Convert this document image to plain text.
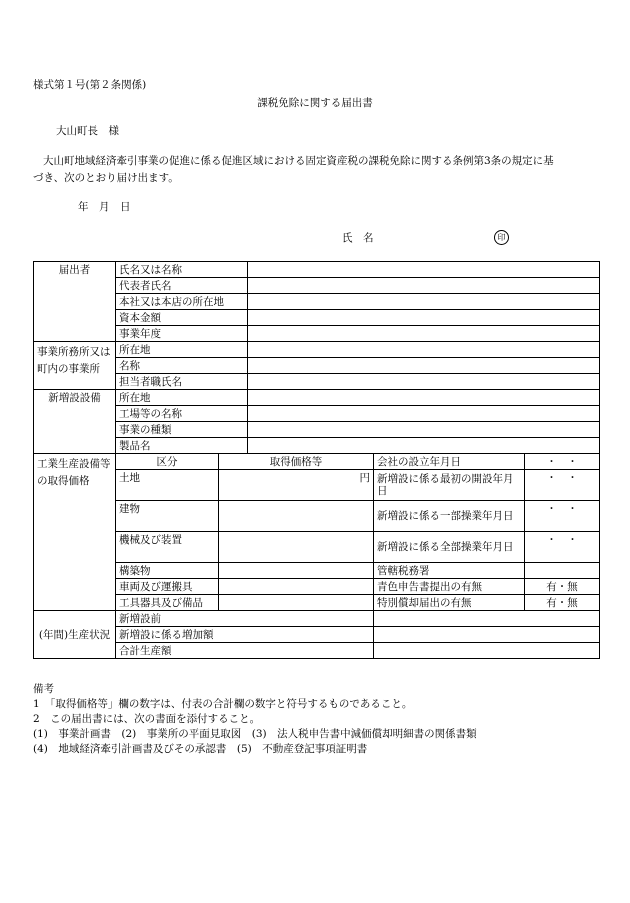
様式第１号(第２条関係)
課税免除に関する届出書
大山町長　様
大山町地域経済牽引事業の促進に係る促進区域における固定資産税の課税免除に関する条例第3条の規定に基
づき、次のとおり届け出ます。
年　月　日
氏　名	印
届出者	氏名又は名称				
	代表者氏名				
	本社又は本店の所在地				
	資本金額				
	事業年度				
事業所務所又は町内の事業所	所在地				
	名称				
	担当者職氏名				
新増設設備	所在地				
	工場等の名称				
	事業の種類				
	製品名				
工業生産設備等の取得価格	区分	取得価格等		会社の設立年月日	・　・
	土地	円		新増設に係る最初の開設年月日	・　・
	建物			新増設に係る一部操業年月日	・　・
	機械及び装置			新増設に係る全部操業年月日	・　・
	構築物			管轄税務署	
	車両及び運搬具			青色申告書提出の有無	有・無
	工具器具及び備品			特別償却届出の有無	有・無
(年間)生産状況	新増設前				
	新増設に係る増加額				
	合計生産額				
備考
1　「取得価格等」欄の数字は、付表の合計欄の数字と符号するものであること。
2　この届出書には、次の書面を添付すること。
(1)　事業計画書　(2)　事業所の平面見取図　(3)　法人税申告書中減価償却明細書の関係書類
(4)　地域経済牽引計画書及びその承認書　(5)　不動産登記事項証明書
